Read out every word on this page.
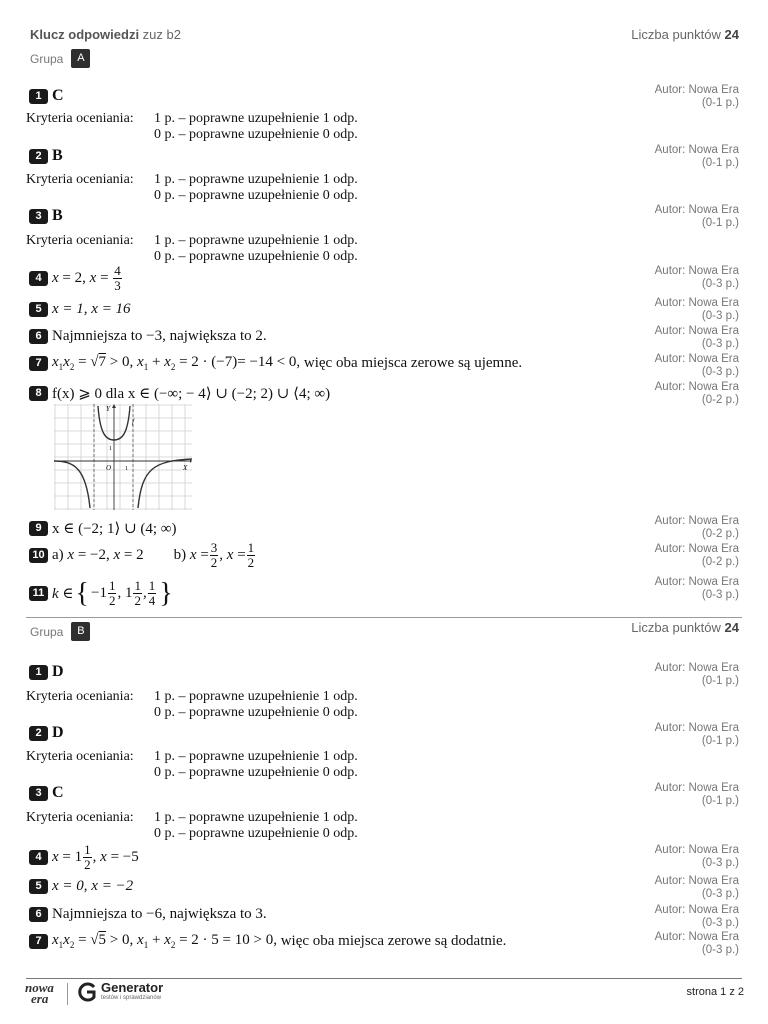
Klucz odpowiedzi zuz b2	Liczba punktów 24
Grupa	A
1 C	Autor: Nowa Era
(0-1 p.)
Kryteria oceniania: 1 p. – poprawne uzupełnienie 1 odp.
0 p. – poprawne uzupełnienie 0 odp.
2 B	Autor: Nowa Era
(0-1 p.)
Kryteria oceniania: 1 p. – poprawne uzupełnienie 1 odp.
0 p. – poprawne uzupełnienie 0 odp.
3 B	Autor: Nowa Era
(0-1 p.)
Kryteria oceniania: 1 p. – poprawne uzupełnienie 1 odp.
0 p. – poprawne uzupełnienie 0 odp.
4 x = 2, $x = \frac{4}{3}$	Autor: Nowa Era
(0-3 p.)
5 x = 1, x = 16	Autor: Nowa Era
(0-3 p.)
6 Najmniejsza to −3, największa to 2.	Autor: Nowa Era
(0-3 p.)
7 $x_1x_2 = √7 > 0$, $x_1 + x_2 = 2 \cdot (-7)= -14 < 0$, więc oba miejsca zerowe są ujemne.	Autor: Nowa Era
(0-3 p.)
8 f(x) ⩾ 0 dla x ∈ (−∞; − 4⟩ ∪ (−2; 2) ∪ ⟨4; ∞)	Autor: Nowa Era
(0-2 p.)
Y
X
f
O 1
1
9 x ∈ (−2; 1⟩ ∪ (4; ∞)	Autor: Nowa Era
(0-2 p.)
10 a) x = −2, x = 2 b) $x = \frac{3}{2}$ , $x = \frac{1}{2}$	Autor: Nowa Era
(0-2 p.)
11 k ∈ { $-1 \frac{1}{2}$ , $1 \frac{1}{2}$ , $\frac{1}{4}$ }	Autor: Nowa Era
(0-3 p.)
Grupa	B	Liczba punktów 24
1 D	Autor: Nowa Era
(0-1 p.)
Kryteria oceniania: 1 p. – poprawne uzupełnienie 1 odp.
0 p. – poprawne uzupełnienie 0 odp.
2 D	Autor: Nowa Era
(0-1 p.)
Kryteria oceniania: 1 p. – poprawne uzupełnienie 1 odp.
0 p. – poprawne uzupełnienie 0 odp.
3 C	Autor: Nowa Era
(0-1 p.)
Kryteria oceniania: 1 p. – poprawne uzupełnienie 1 odp.
0 p. – poprawne uzupełnienie 0 odp.
4 $x = 1 \frac{1}{2}$ , x = −5	Autor: Nowa Era
(0-3 p.)
5 x = 0, x = −2	Autor: Nowa Era
(0-3 p.)
6 Najmniejsza to −6, największa to 3.	Autor: Nowa Era
(0-3 p.)
7 $x_1x_2 = √5 > 0$, $x_1 + x_2 = 2 \cdot 5 = 10 > 0$, więc oba miejsca zerowe są dodatnie.	Autor: Nowa Era
(0-3 p.)
nowa
era
Generator
testów i sprawdzianów	strona 1 z 2
